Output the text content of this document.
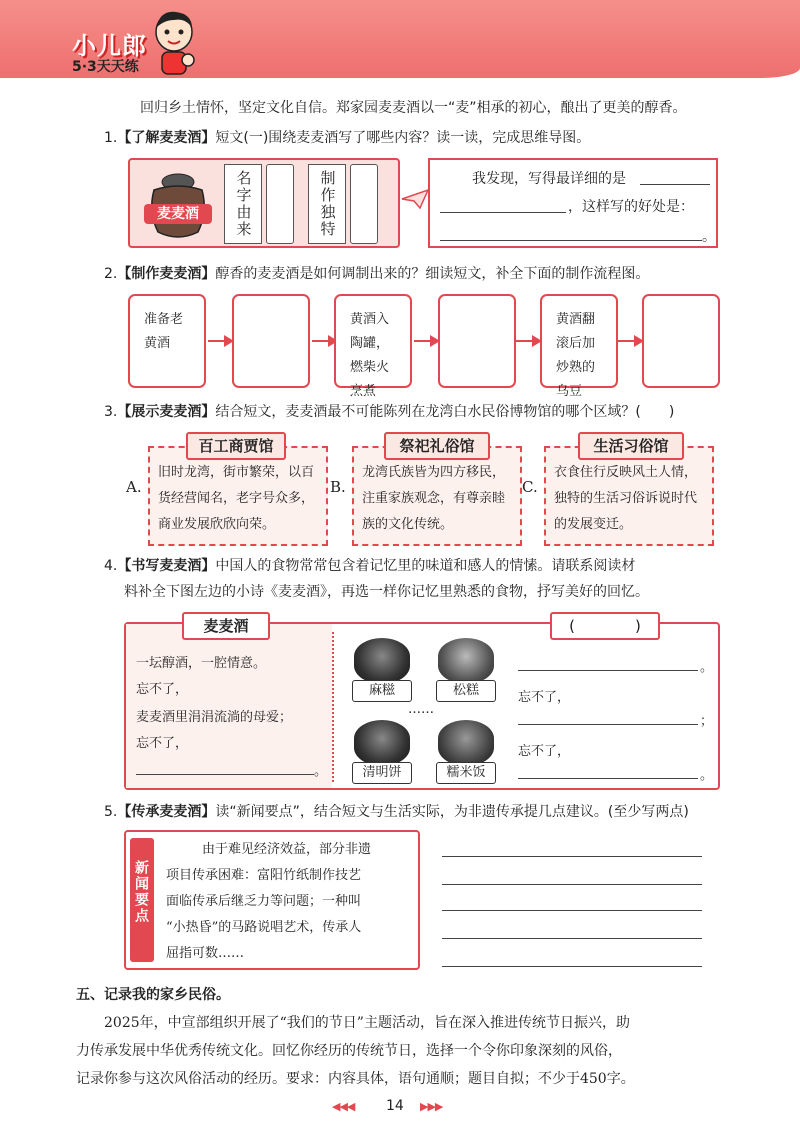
小儿郎
5·3天天练
回归乡土情怀，坚定文化自信。郑家园麦麦酒以一“麦”相承的初心，酿出了更美的醇香。
1.【了解麦麦酒】短文(一)围绕麦麦酒写了哪些内容？读一读，完成思维导图。
麦麦酒	名字由来	制作独特	我发现，写得最详细的是
，这样写的好处是：
。
2.【制作麦麦酒】醇香的麦麦酒是如何调制出来的？细读短文，补全下面的制作流程图。
准备老黄酒
黄酒入陶罐，燃柴火烹煮
黄酒翻滚后加炒熟的乌豆
3.【展示麦麦酒】结合短文，麦麦酒最不可能陈列在龙湾白水民俗博物馆的哪个区域？(　　)
A.
旧时龙湾，街市繁荣，以百货经营闻名，老字号众多，商业发展欣欣向荣。
百工商贾馆
B.
龙湾氏族皆为四方移民，注重家族观念，有尊亲睦族的文化传统。
祭祀礼俗馆
C.
衣食住行反映风土人情，独特的生活习俗诉说时代的发展变迁。
生活习俗馆
4.【书写麦麦酒】中国人的食物常常包含着记忆里的味道和感人的情愫。请联系阅读材
料补全下图左边的小诗《麦麦酒》，再选一样你记忆里熟悉的食物，抒写美好的回忆。
一坛醇酒，一腔情意。
忘不了，
麦麦酒里涓涓流淌的母爱；
忘不了，
。
麻糍	松糕
……
清明饼	糯米饭
。
忘不了，
；
忘不了，
。
麦麦酒	(　　　　)
5.【传承麦麦酒】读“新闻要点”，结合短文与生活实际，为非遗传承提几点建议。(至少写两点)
新闻要点
由于难见经济效益，部分非遗
项目传承困难：富阳竹纸制作技艺
面临传承后继乏力等问题；一种叫
“小热昏”的马路说唱艺术，传承人
屈指可数……
五、记录我的家乡民俗。
2025年，中宣部组织开展了“我们的节日”主题活动，旨在深入推进传统节日振兴，助
力传承发展中华优秀传统文化。回忆你经历的传统节日，选择一个令你印象深刻的风俗，
记录你参与这次风俗活动的经历。要求：内容具体，语句通顺；题目自拟；不少于450字。
◀◀◀ 14 ▶▶▶
